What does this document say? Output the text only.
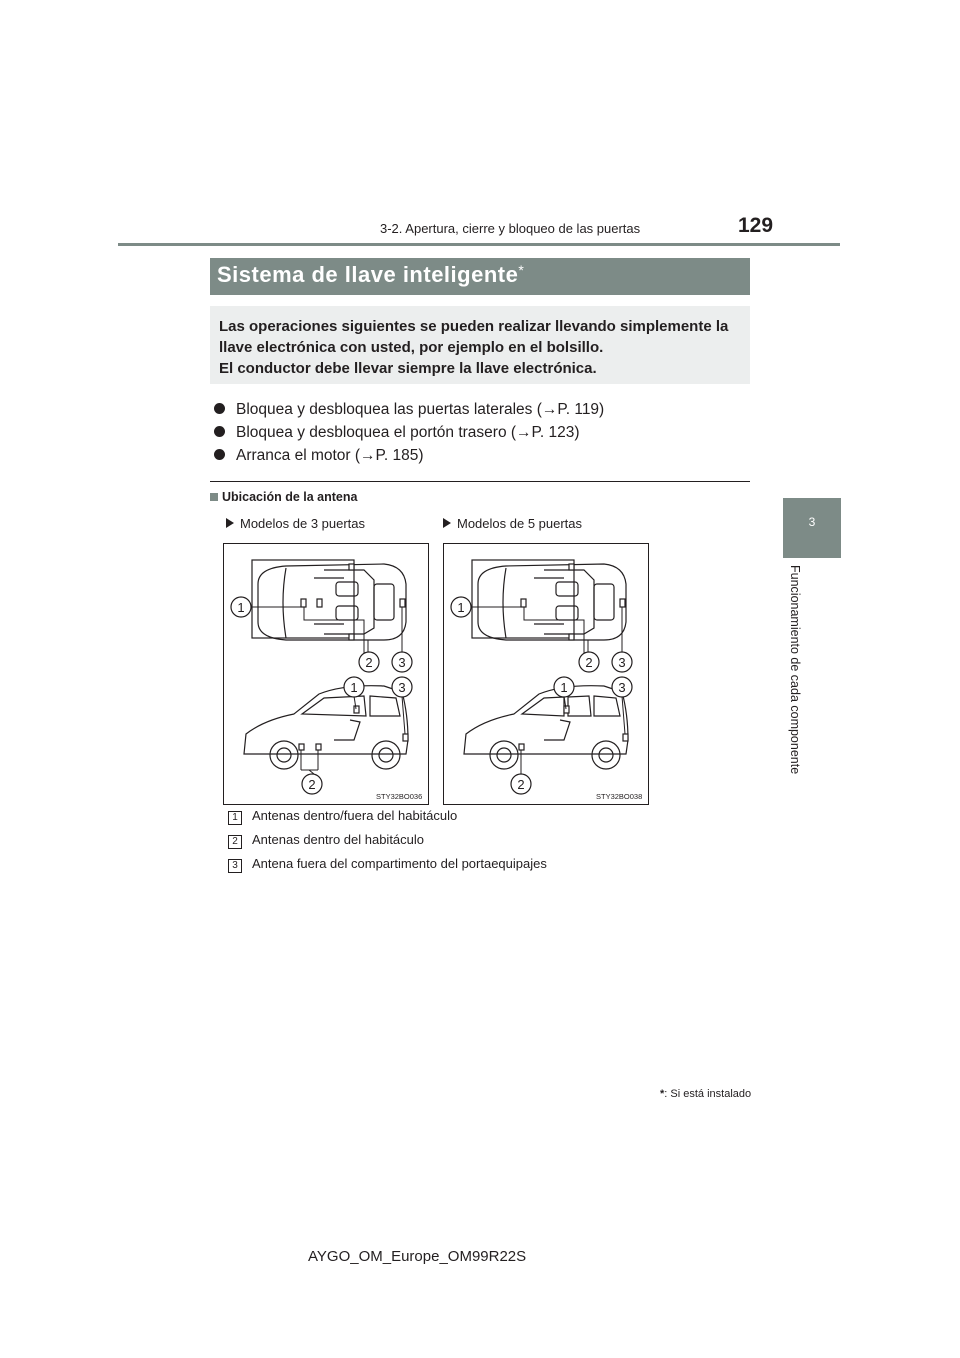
3-2. Apertura, cierre y bloqueo de las puertas	129
3
Funcionamiento de cada componente
Sistema de llave inteligente*
Las operaciones siguientes se pueden realizar llevando simplemente la
llave electrónica con usted, por ejemplo en el bolsillo.
El conductor debe llevar siempre la llave electrónica.
Bloquea y desbloquea las puertas laterales (→P. 119)
Bloquea y desbloquea el portón trasero (→P. 123)
Arranca el motor (→P. 185)
Ubicación de la antena
Modelos de 3 puertas	Modelos de 5 puertas
1
2 3
1	3
2
STY32BO036
1
2 3
1	3
2
STY32BO038
1 Antenas dentro/fuera del habitáculo
2 Antenas dentro del habitáculo
3 Antena fuera del compartimento del portaequipajes
*: Si está instalado
AYGO_OM_Europe_OM99R22S
